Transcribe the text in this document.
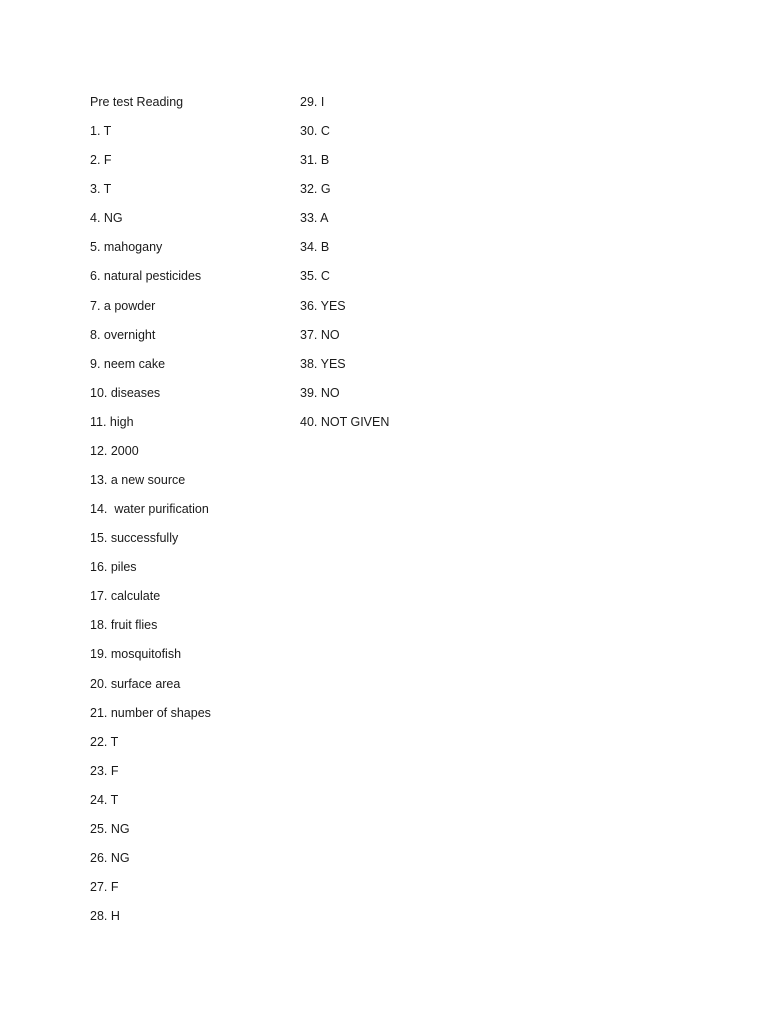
Pre test Reading
1. T
2. F
3. T
4. NG
5. mahogany
6. natural pesticides
7. a powder
8. overnight
9. neem cake
10. diseases
11. high
12. 2000
13. a new source
14.  water purification
15. successfully
16. piles
17. calculate
18. fruit flies
19. mosquitofish
20. surface area
21. number of shapes
22. T
23. F
24. T
25. NG
26. NG
27. F
28. H
29. I
30. C
31. B
32. G
33. A
34. B
35. C
36. YES
37. NO
38. YES
39. NO
40. NOT GIVEN
